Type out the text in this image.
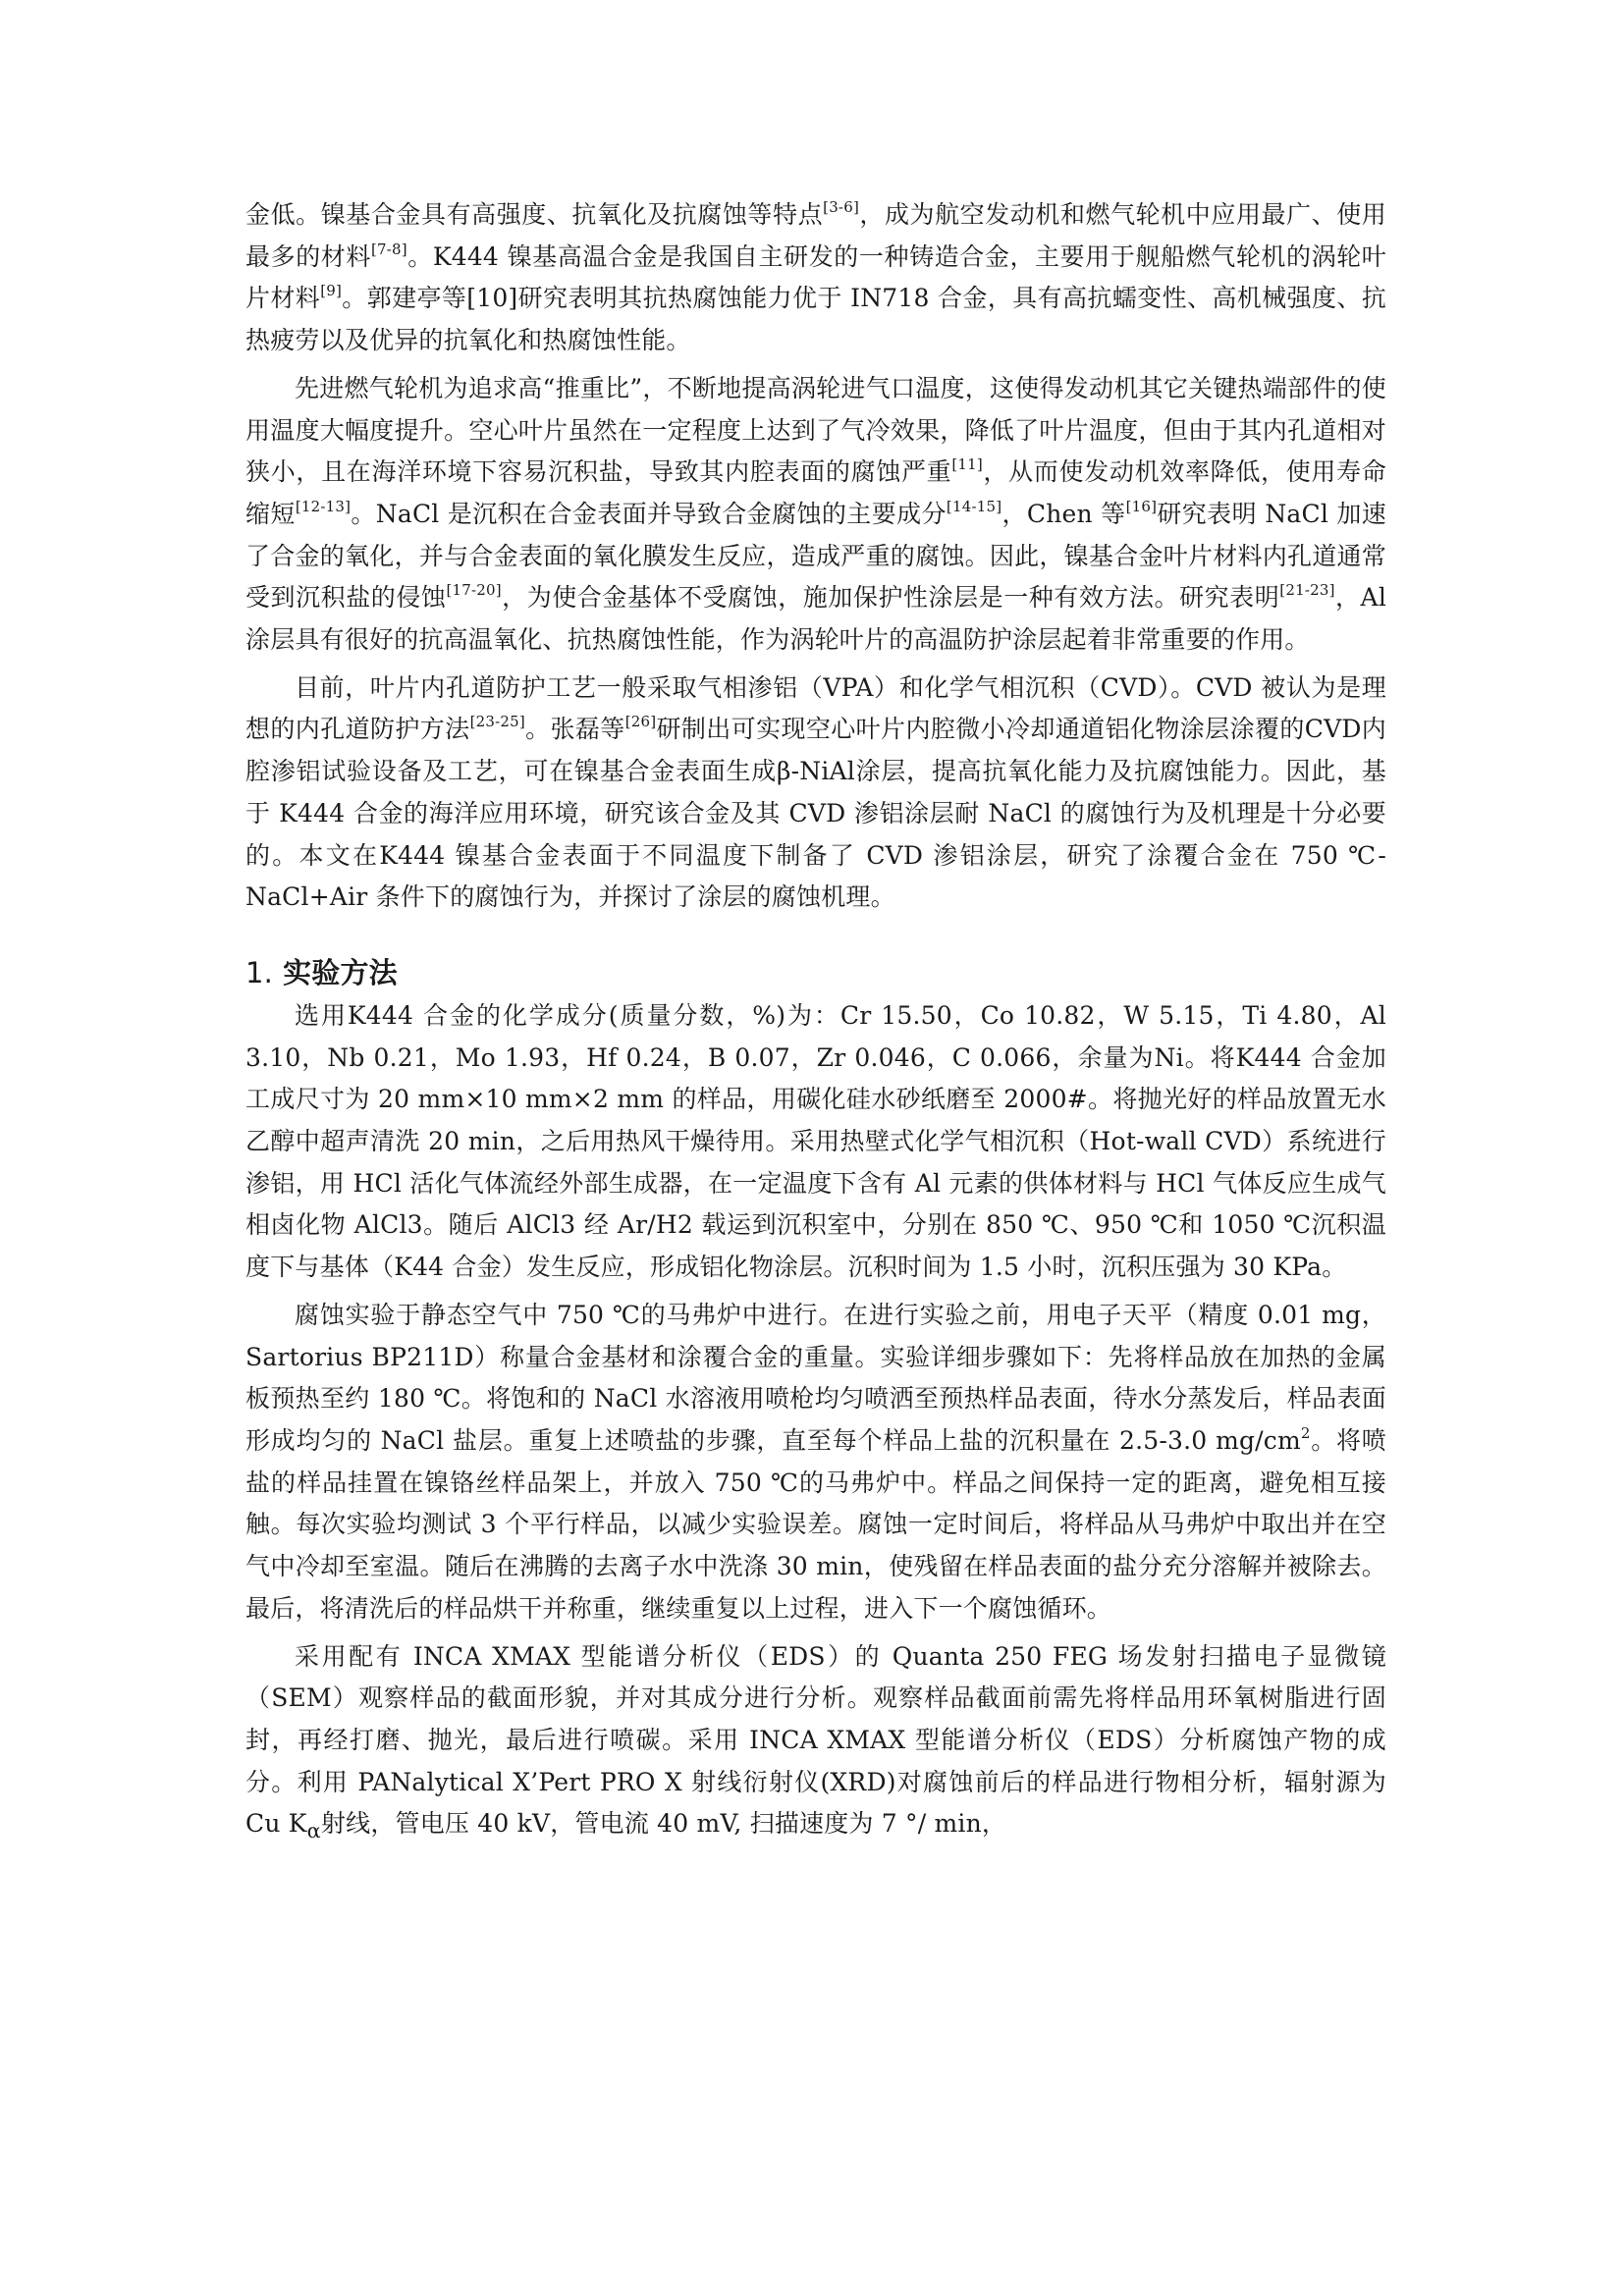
金低。镍基合金具有高强度、抗氧化及抗腐蚀等特点[3-6]，成为航空发动机和燃气轮机中应用最广、使用最多的材料[7-8]。K444 镍基高温合金是我国自主研发的一种铸造合金，主要用于舰船燃气轮机的涡轮叶片材料[9]。郭建亭等[10]研究表明其抗热腐蚀能力优于 IN718 合金，具有高抗蠕变性、高机械强度、抗热疲劳以及优异的抗氧化和热腐蚀性能。

先进燃气轮机为追求高“推重比”，不断地提高涡轮进气口温度，这使得发动机其它关键热端部件的使用温度大幅度提升。空心叶片虽然在一定程度上达到了气冷效果，降低了叶片温度，但由于其内孔道相对狭小，且在海洋环境下容易沉积盐，导致其内腔表面的腐蚀严重[11]，从而使发动机效率降低，使用寿命缩短[12-13]。NaCl 是沉积在合金表面并导致合金腐蚀的主要成分[14-15]，Chen 等[16]研究表明 NaCl 加速了合金的氧化，并与合金表面的氧化膜发生反应，造成严重的腐蚀。因此，镍基合金叶片材料内孔道通常受到沉积盐的侵蚀[17-20]，为使合金基体不受腐蚀，施加保护性涂层是一种有效方法。研究表明[21-23]，Al 涂层具有很好的抗高温氧化、抗热腐蚀性能，作为涡轮叶片的高温防护涂层起着非常重要的作用。

目前，叶片内孔道防护工艺一般采取气相渗铝（VPA）和化学气相沉积（CVD）。CVD 被认为是理想的内孔道防护方法[23-25]。张磊等[26]研制出可实现空心叶片内腔微小冷却通道铝化物涂层涂覆的CVD内腔渗铝试验设备及工艺，可在镍基合金表面生成β-NiAl涂层，提高抗氧化能力及抗腐蚀能力。因此，基于 K444 合金的海洋应用环境，研究该合金及其 CVD 渗铝涂层耐 NaCl 的腐蚀行为及机理是十分必要的。本文在K444 镍基合金表面于不同温度下制备了 CVD 渗铝涂层，研究了涂覆合金在 750 ℃-NaCl+Air 条件下的腐蚀行为，并探讨了涂层的腐蚀机理。

1. 实验方法

选用K444 合金的化学成分(质量分数，%)为：Cr 15.50，Co 10.82，W 5.15，Ti 4.80，Al 3.10，Nb 0.21，Mo 1.93，Hf 0.24，B 0.07，Zr 0.046，C 0.066，余量为Ni。将K444 合金加工成尺寸为 20 mm×10 mm×2 mm 的样品，用碳化硅水砂纸磨至 2000#。将抛光好的样品放置无水乙醇中超声清洗 20 min，之后用热风干燥待用。采用热壁式化学气相沉积（Hot-wall CVD）系统进行渗铝，用 HCl 活化气体流经外部生成器，在一定温度下含有 Al 元素的供体材料与 HCl 气体反应生成气相卤化物 AlCl3。随后 AlCl3 经 Ar/H2 载运到沉积室中，分别在 850 ℃、950 ℃和 1050 ℃沉积温度下与基体（K44 合金）发生反应，形成铝化物涂层。沉积时间为 1.5 小时，沉积压强为 30 KPa。

腐蚀实验于静态空气中 750 ℃的马弗炉中进行。在进行实验之前，用电子天平（精度 0.01 mg，Sartorius BP211D）称量合金基材和涂覆合金的重量。实验详细步骤如下：先将样品放在加热的金属板预热至约 180 ℃。将饱和的 NaCl 水溶液用喷枪均匀喷洒至预热样品表面，待水分蒸发后，样品表面形成均匀的 NaCl 盐层。重复上述喷盐的步骤，直至每个样品上盐的沉积量在 2.5-3.0 $mg/cm^2$。将喷盐的样品挂置在镍铬丝样品架上，并放入 750 ℃的马弗炉中。样品之间保持一定的距离，避免相互接触。每次实验均测试 3 个平行样品，以减少实验误差。腐蚀一定时间后，将样品从马弗炉中取出并在空气中冷却至室温。随后在沸腾的去离子水中洗涤 30 min，使残留在样品表面的盐分充分溶解并被除去。最后，将清洗后的样品烘干并称重，继续重复以上过程，进入下一个腐蚀循环。

采用配有 INCA XMAX 型能谱分析仪（EDS）的 Quanta 250 FEG 场发射扫描电子显微镜（SEM）观察样品的截面形貌，并对其成分进行分析。观察样品截面前需先将样品用环氧树脂进行固封，再经打磨、抛光，最后进行喷碳。采用 INCA XMAX 型能谱分析仪（EDS）分析腐蚀产物的成分。利用 PANalytical X’Pert PRO X 射线衍射仪(XRD)对腐蚀前后的样品进行物相分析，辐射源为 Cu $K_\alpha$射线，管电压 40 kV，管电流 40 mV, 扫描速度为 7 °/ min，
